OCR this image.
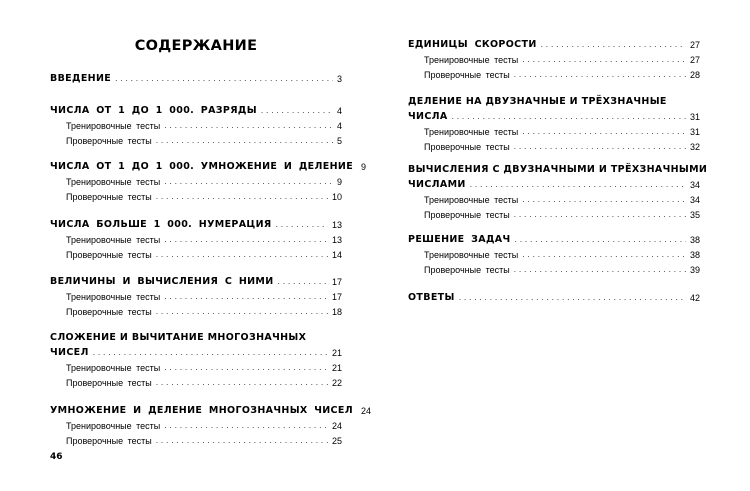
СОДЕРЖАНИЕ
ВВЕДЕНИЕ .....	3
ЧИСЛА ОТ 1 ДО 1 000. РАЗРЯДЫ .....	4
Тренировочные тесты .....	4
Проверочные тесты .....	5
ЧИСЛА ОТ 1 ДО 1 000. УМНОЖЕНИЕ И ДЕЛЕНИЕ 9
Тренировочные тесты .....	9
Проверочные тесты .....	10
ЧИСЛА БОЛЬШЕ 1 000. НУМЕРАЦИЯ .....	13
Тренировочные тесты .....	13
Проверочные тесты .....	14
ВЕЛИЧИНЫ И ВЫЧИСЛЕНИЯ С НИМИ .....	17
Тренировочные тесты .....	17
Проверочные тесты .....	18
СЛОЖЕНИЕ И ВЫЧИТАНИЕ МНОГОЗНАЧНЫХ
ЧИСЕЛ .....	21
Тренировочные тесты .....	21
Проверочные тесты .....	22
УМНОЖЕНИЕ И ДЕЛЕНИЕ МНОГОЗНАЧНЫХ ЧИСЕЛ 24
Тренировочные тесты .....	24
Проверочные тесты .....	25
ЕДИНИЦЫ СКОРОСТИ .....	27
Тренировочные тесты .....	27
Проверочные тесты .....	28
ДЕЛЕНИЕ НА ДВУЗНАЧНЫЕ И ТРЁХЗНАЧНЫЕ
ЧИСЛА .....	31
Тренировочные тесты .....	31
Проверочные тесты .....	32
ВЫЧИСЛЕНИЯ С ДВУЗНАЧНЫМИ И ТРЁХЗНАЧНЫМИ
ЧИСЛАМИ .....	34
Тренировочные тесты .....	34
Проверочные тесты .....	35
РЕШЕНИЕ ЗАДАЧ .....	38
Тренировочные тесты .....	38
Проверочные тесты .....	39
ОТВЕТЫ .....	42
46
